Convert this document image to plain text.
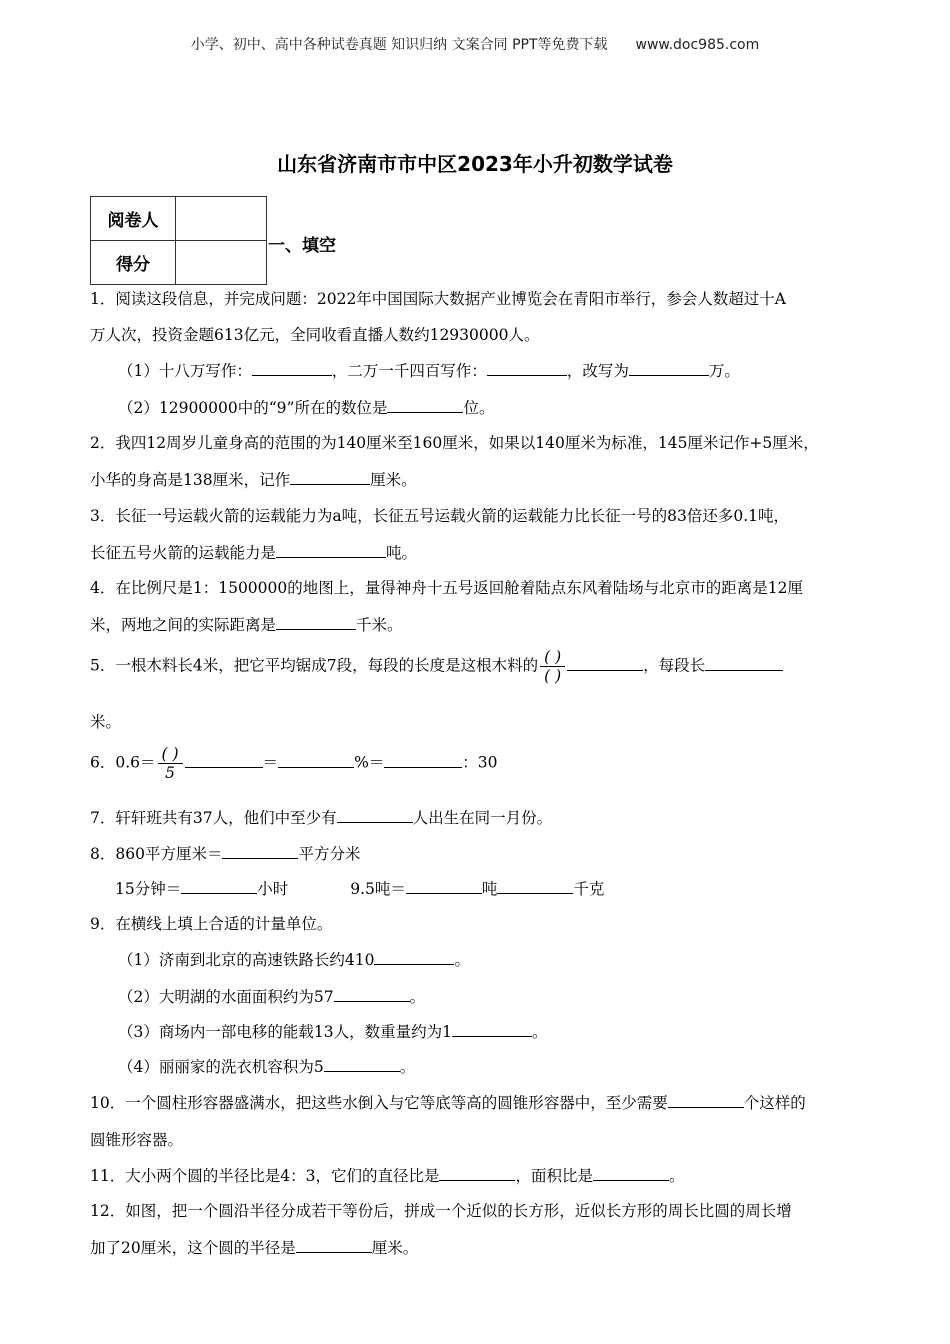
小学、初中、高中各种试卷真题 知识归纳 文案合同 PPT等免费下载 www.doc985.com
山东省济南市市中区2023年小升初数学试卷
阅卷人	
得分	
一、填空
1．阅读这段信息，并完成问题：2022年中国国际大数据产业博览会在青阳市举行，参会人数超过十A
万人次，投资金题613亿元，全同收看直播人数约12930000人。
（1）十八万写作：	，二万一千四百写作：	，改写为	万。
（2）12900000中的“9”所在的数位是	位。
2．我四12周岁儿童身高的范围的为140厘米至160厘米，如果以140厘米为标准，145厘米记作+5厘米，
小华的身高是138厘米，记作	厘米。
3．长征一号运载火箭的运载能力为a吨，长征五号运载火箭的运载能力比长征一号的83倍还多0.1吨，
长征五号火箭的运载能力是	吨。
4．在比例尺是1：1500000的地图上，量得神舟十五号返回舱着陆点东风着陆场与北京市的距离是12厘
米，两地之间的实际距离是	千米。
5．一根木料长4米，把它平均锯成7段，每段的长度是这根木料的 $\frac{( )}{( )}$	，每段长
米。
6．$0.6= \frac{( )}{5}$	＝	%＝	：30
7．轩轩班共有37人，他们中至少有	人出生在同一月份。
8．860平方厘米＝	平方分米
15分钟＝	小时	9.5吨＝	吨	千克
9．在横线上填上合适的计量单位。
（1）济南到北京的高速铁路长约410	。
（2）大明湖的水面面积约为57	。
（3）商场内一部电移的能载13人，数重量约为1	。
（4）丽丽家的洗衣机容积为5	。
10．一个圆柱形容器盛满水，把这些水倒入与它等底等高的圆锥形容器中，至少需要	个这样的
圆锥形容器。
11．大小两个圆的半径比是4：3，它们的直径比是	，面积比是	。
12．如图，把一个圆沿半径分成若干等份后，拼成一个近似的长方形，近似长方形的周长比圆的周长增
加了20厘米，这个圆的半径是	厘米。
